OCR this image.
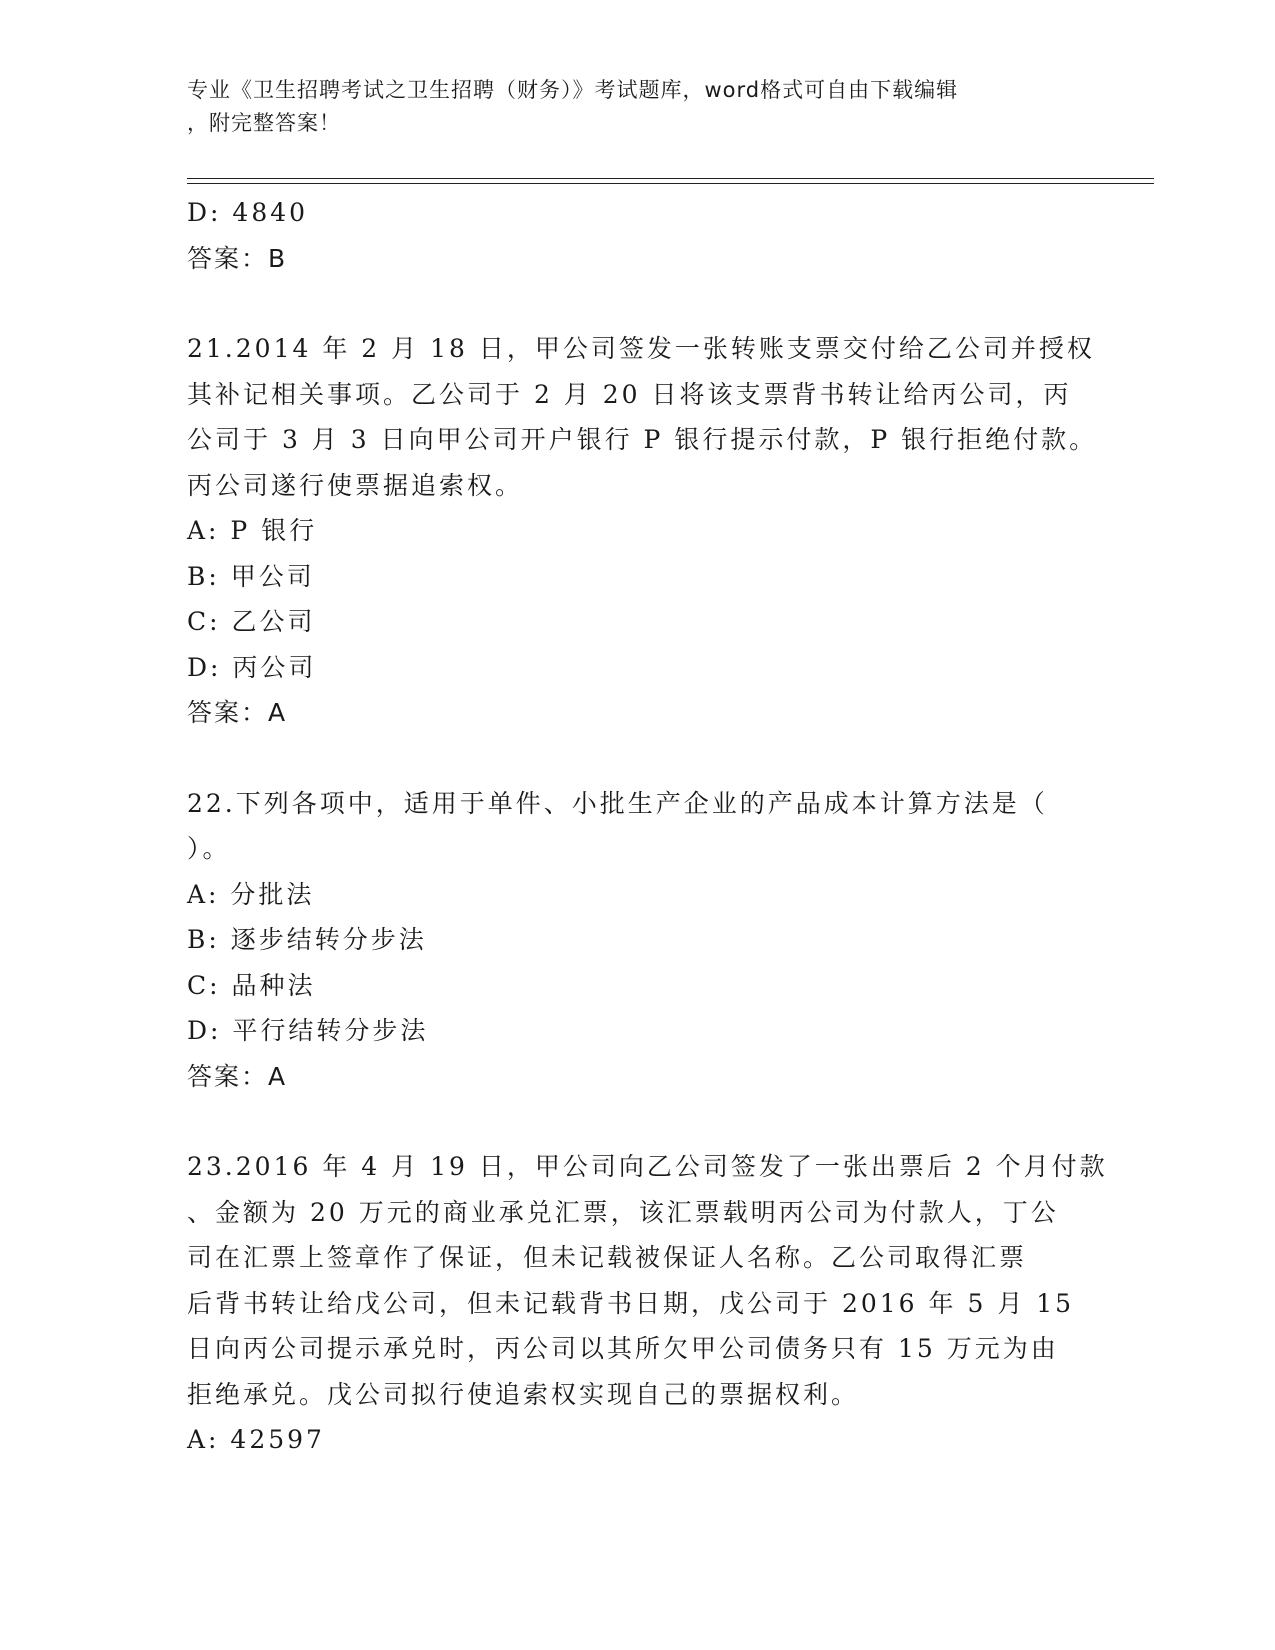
专业《卫生招聘考试之卫生招聘（财务）》考试题库，word格式可自由下载编辑
，附完整答案！
D: 4840
答案：B
21.2014 年 2 月 18 日，甲公司签发一张转账支票交付给乙公司并授权
其补记相关事项。乙公司于 2 月 20 日将该支票背书转让给丙公司，丙
公司于 3 月 3 日向甲公司开户银行 P 银行提示付款，P 银行拒绝付款。
丙公司遂行使票据追索权。
A: P 银行
B: 甲公司
C: 乙公司
D: 丙公司
答案：A
22.下列各项中，适用于单件、小批生产企业的产品成本计算方法是（
）。
A: 分批法
B: 逐步结转分步法
C: 品种法
D: 平行结转分步法
答案：A
23.2016 年 4 月 19 日，甲公司向乙公司签发了一张出票后 2 个月付款
、金额为 20 万元的商业承兑汇票，该汇票载明丙公司为付款人，丁公
司在汇票上签章作了保证，但未记载被保证人名称。乙公司取得汇票
后背书转让给戊公司，但未记载背书日期，戊公司于 2016 年 5 月 15
日向丙公司提示承兑时，丙公司以其所欠甲公司债务只有 15 万元为由
拒绝承兑。戊公司拟行使追索权实现自己的票据权利。
A: 42597
